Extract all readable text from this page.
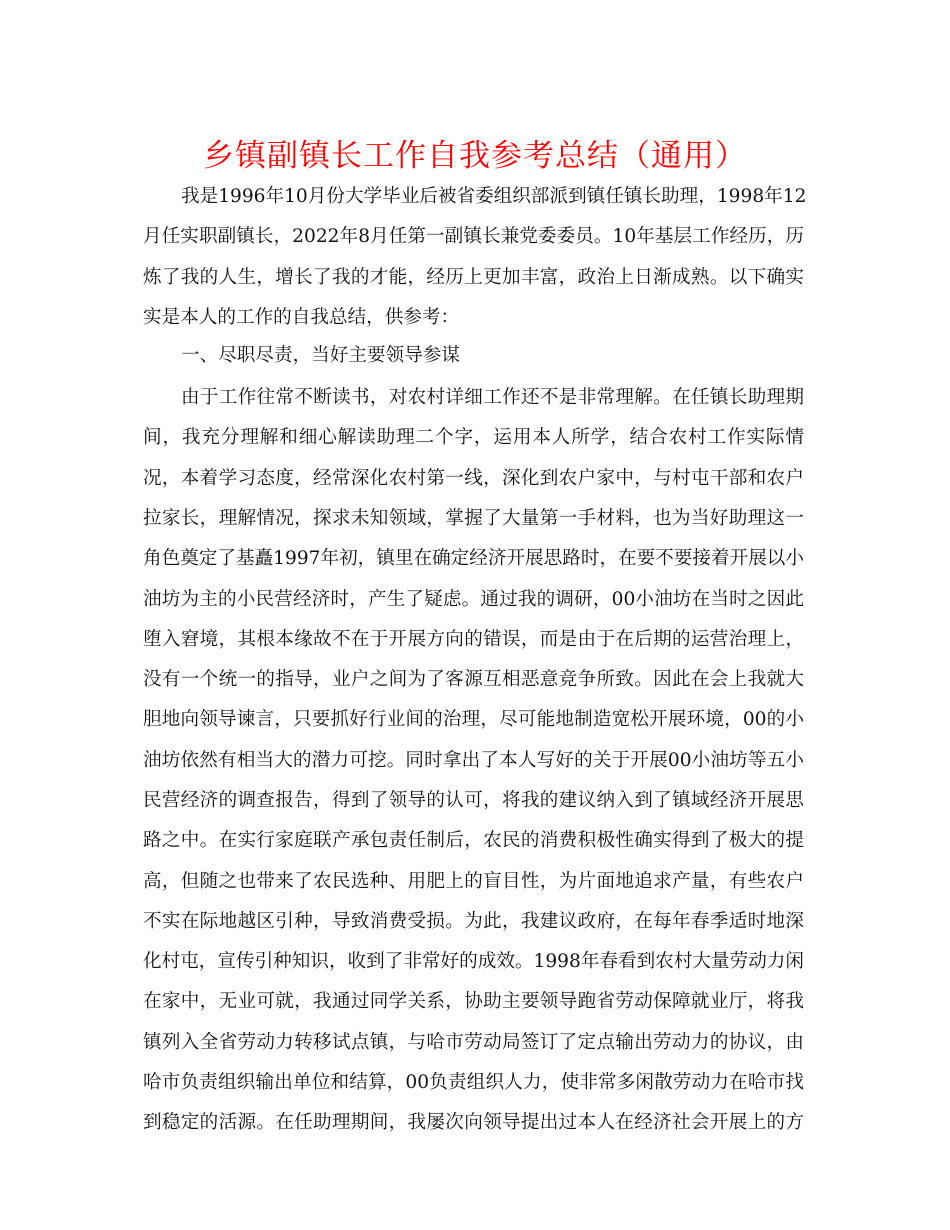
乡镇副镇长工作自我参考总结（通用）
我是1996年10月份大学毕业后被省委组织部派到镇任镇长助理，1998年12
月任实职副镇长，2022年8月任第一副镇长兼党委委员。10年基层工作经历，历
炼了我的人生，增长了我的才能，经历上更加丰富，政治上日渐成熟。以下确实
实是本人的工作的自我总结，供参考：
一、尽职尽责，当好主要领导参谋
由于工作往常不断读书，对农村详细工作还不是非常理解。在任镇长助理期
间，我充分理解和细心解读助理二个字，运用本人所学，结合农村工作实际情
况，本着学习态度，经常深化农村第一线，深化到农户家中，与村屯干部和农户
拉家长，理解情况，探求未知领域，掌握了大量第一手材料，也为当好助理这一
角色奠定了基矗1997年初，镇里在确定经济开展思路时，在要不要接着开展以小
油坊为主的小民营经济时，产生了疑虑。通过我的调研，00小油坊在当时之因此
堕入窘境，其根本缘故不在于开展方向的错误，而是由于在后期的运营治理上，
没有一个统一的指导，业户之间为了客源互相恶意竞争所致。因此在会上我就大
胆地向领导谏言，只要抓好行业间的治理，尽可能地制造宽松开展环境，00的小
油坊依然有相当大的潜力可挖。同时拿出了本人写好的关于开展00小油坊等五小
民营经济的调查报告，得到了领导的认可，将我的建议纳入到了镇域经济开展思
路之中。在实行家庭联产承包责任制后，农民的消费积极性确实得到了极大的提
高，但随之也带来了农民选种、用肥上的盲目性，为片面地追求产量，有些农户
不实在际地越区引种，导致消费受损。为此，我建议政府，在每年春季适时地深
化村屯，宣传引种知识，收到了非常好的成效。1998年春看到农村大量劳动力闲
在家中，无业可就，我通过同学关系，协助主要领导跑省劳动保障就业厅，将我
镇列入全省劳动力转移试点镇，与哈市劳动局签订了定点输出劳动力的协议，由
哈市负责组织输出单位和结算，00负责组织人力，使非常多闲散劳动力在哈市找
到稳定的活源。在任助理期间，我屡次向领导提出过本人在经济社会开展上的方
